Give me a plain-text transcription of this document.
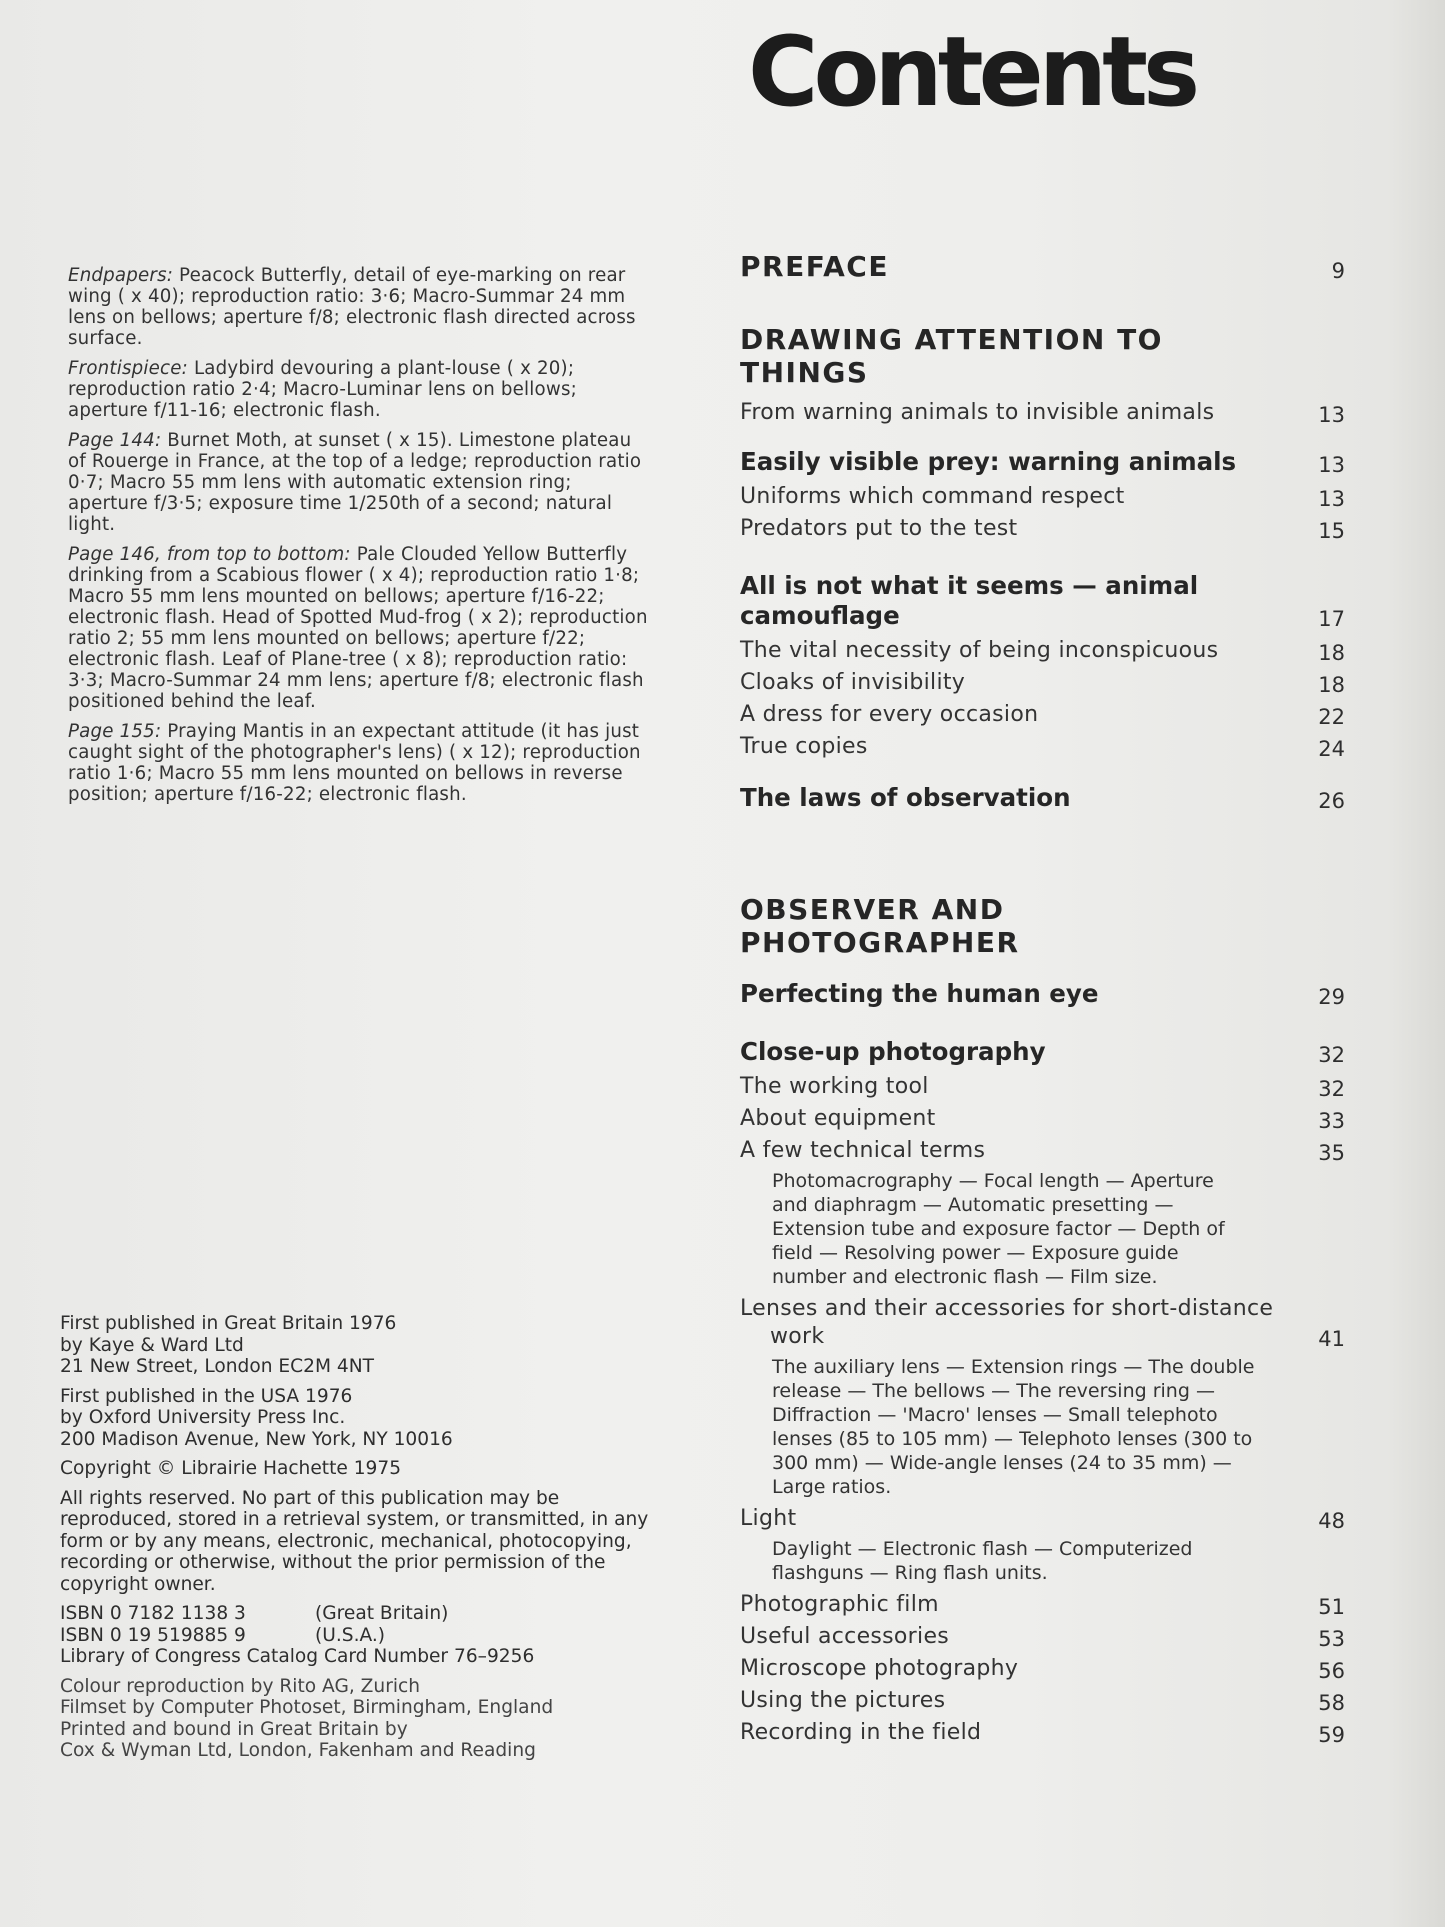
Contents

Endpapers: Peacock Butterfly, detail of eye-marking on rear wing ( x 40); reproduction ratio: 3·6; Macro-Summar 24 mm lens on bellows; aperture f/8; electronic flash directed across surface.

Frontispiece: Ladybird devouring a plant-louse ( x 20); reproduction ratio 2·4; Macro-Luminar lens on bellows; aperture f/11-16; electronic flash.

Page 144: Burnet Moth, at sunset ( x 15). Limestone plateau of Rouerge in France, at the top of a ledge; reproduction ratio 0·7; Macro 55 mm lens with automatic extension ring; aperture f/3·5; exposure time 1/250th of a second; natural light.

Page 146, from top to bottom: Pale Clouded Yellow Butterfly drinking from a Scabious flower ( x 4); reproduction ratio 1·8; Macro 55 mm lens mounted on bellows; aperture f/16-22; electronic flash. Head of Spotted Mud-frog ( x 2); reproduction ratio 2; 55 mm lens mounted on bellows; aperture f/22; electronic flash. Leaf of Plane-tree ( x 8); reproduction ratio: 3·3; Macro-Summar 24 mm lens; aperture f/8; electronic flash positioned behind the leaf.

Page 155: Praying Mantis in an expectant attitude (it has just caught sight of the photographer's lens) ( x 12); reproduction ratio 1·6; Macro 55 mm lens mounted on bellows in reverse position; aperture f/16-22; electronic flash.

First published in Great Britain 1976
by Kaye & Ward Ltd
21 New Street, London EC2M 4NT

First published in the USA 1976
by Oxford University Press Inc.
200 Madison Avenue, New York, NY 10016

Copyright © Librairie Hachette 1975

All rights reserved. No part of this publication may be reproduced, stored in a retrieval system, or transmitted, in any form or by any means, electronic, mechanical, photocopying, recording or otherwise, without the prior permission of the copyright owner.

ISBN 0 7182 1138 3	(Great Britain)

ISBN 0 19 519885 9	(U.S.A.)

Library of Congress Catalog Card Number 76–9256

Colour reproduction by Rito AG, Zurich
Filmset by Computer Photoset, Birmingham, England
Printed and bound in Great Britain by
Cox & Wyman Ltd, London, Fakenham and Reading

PREFACE	9
DRAWING ATTENTION TO THINGS
From warning animals to invisible animals	13
Easily visible prey: warning animals	13
Uniforms which command respect	13
Predators put to the test	15
All is not what it seems — animal camouflage	17
The vital necessity of being inconspicuous	18
Cloaks of invisibility	18
A dress for every occasion	22
True copies	24
The laws of observation	26
OBSERVER AND PHOTOGRAPHER
Perfecting the human eye	29
Close-up photography	32
The working tool	32
About equipment	33
A few technical terms	35
Photomacrography — Focal length — Aperture and diaphragm — Automatic presetting — Extension tube and exposure factor — Depth of field — Resolving power — Exposure guide number and electronic flash — Film size.
Lenses and their accessories for short-distance work	41
The auxiliary lens — Extension rings — The double release — The bellows — The reversing ring — Diffraction — 'Macro' lenses — Small telephoto lenses (85 to 105 mm) — Telephoto lenses (300 to 300 mm) — Wide-angle lenses (24 to 35 mm) — Large ratios.
Light	48
Daylight — Electronic flash — Computerized flashguns — Ring flash units.
Photographic film	51
Useful accessories	53
Microscope photography	56
Using the pictures	58
Recording in the field	59
